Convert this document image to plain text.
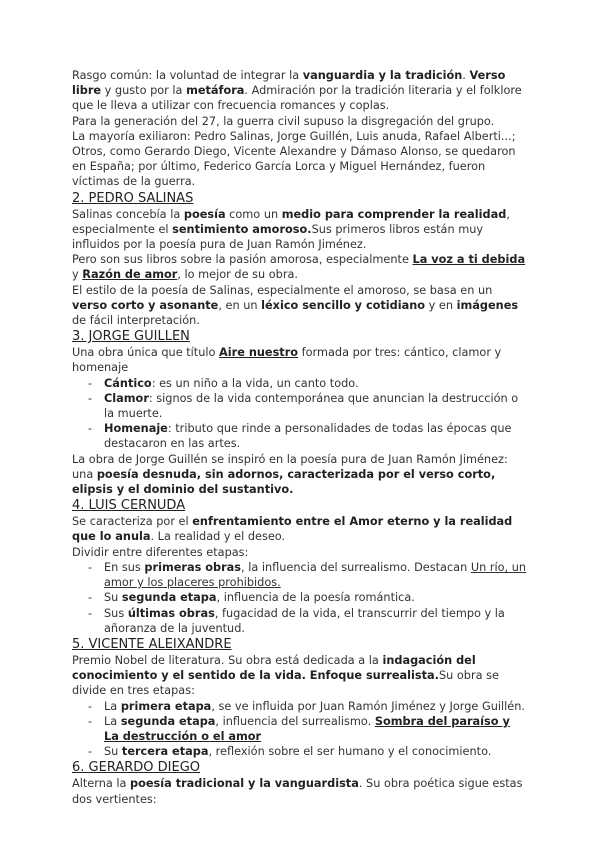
Rasgo común: la voluntad de integrar la vanguardia y la tradición. Verso libre y gusto por la metáfora. Admiración por la tradición literaria y el folklore que le lleva a utilizar con frecuencia romances y coplas.

Para la generación del 27, la guerra civil supuso la disgregación del grupo.

La mayoría exiliaron: Pedro Salinas, Jorge Guillén, Luis anuda, Rafael Alberti...; Otros, como Gerardo Diego, Vicente Alexandre y Dámaso Alonso, se quedaron en España; por último, Federico García Lorca y Miguel Hernández, fueron víctimas de la guerra.

2. PEDRO SALINAS

Salinas concebía la poesía como un medio para comprender la realidad, especialmente el sentimiento amoroso.Sus primeros libros están muy influidos por la poesía pura de Juan Ramón Jiménez.

Pero son sus libros sobre la pasión amorosa, especialmente La voz a ti debida y Razón de amor, lo mejor de su obra.

El estilo de la poesía de Salinas, especialmente el amoroso, se basa en un verso corto y asonante, en un léxico sencillo y cotidiano y en imágenes de fácil interpretación.

3. JORGE GUILLEN

Una obra única que título Aire nuestro formada por tres: cántico, clamor y homenaje

- Cántico: es un niño a la vida, un canto todo.
- Clamor: signos de la vida contemporánea que anuncian la destrucción o la muerte.
- Homenaje: tributo que rinde a personalidades de todas las épocas que destacaron en las artes.

La obra de Jorge Guillén se inspiró en la poesía pura de Juan Ramón Jiménez: una poesía desnuda, sin adornos, caracterizada por el verso corto, elipsis y el dominio del sustantivo.

4. LUIS CERNUDA

Se caracteriza por el enfrentamiento entre el Amor eterno y la realidad que lo anula. La realidad y el deseo.

Dividir entre diferentes etapas:

- En sus primeras obras, la influencia del surrealismo. Destacan Un río, un amor y los placeres prohibidos.
- Su segunda etapa, influencia de la poesía romántica.
- Sus últimas obras, fugacidad de la vida, el transcurrir del tiempo y la añoranza de la juventud.
5. VICENTE ALEIXANDRE

Premio Nobel de literatura. Su obra está dedicada a la indagación del conocimiento y el sentido de la vida. Enfoque surrealista.Su obra se divide en tres etapas:

- La primera etapa, se ve influida por Juan Ramón Jiménez y Jorge Guillén.
- La segunda etapa, influencia del surrealismo. Sombra del paraíso y La destrucción o el amor
- Su tercera etapa, reflexión sobre el ser humano y el conocimiento.
6. GERARDO DIEGO

Alterna la poesía tradicional y la vanguardista. Su obra poética sigue estas dos vertientes:
